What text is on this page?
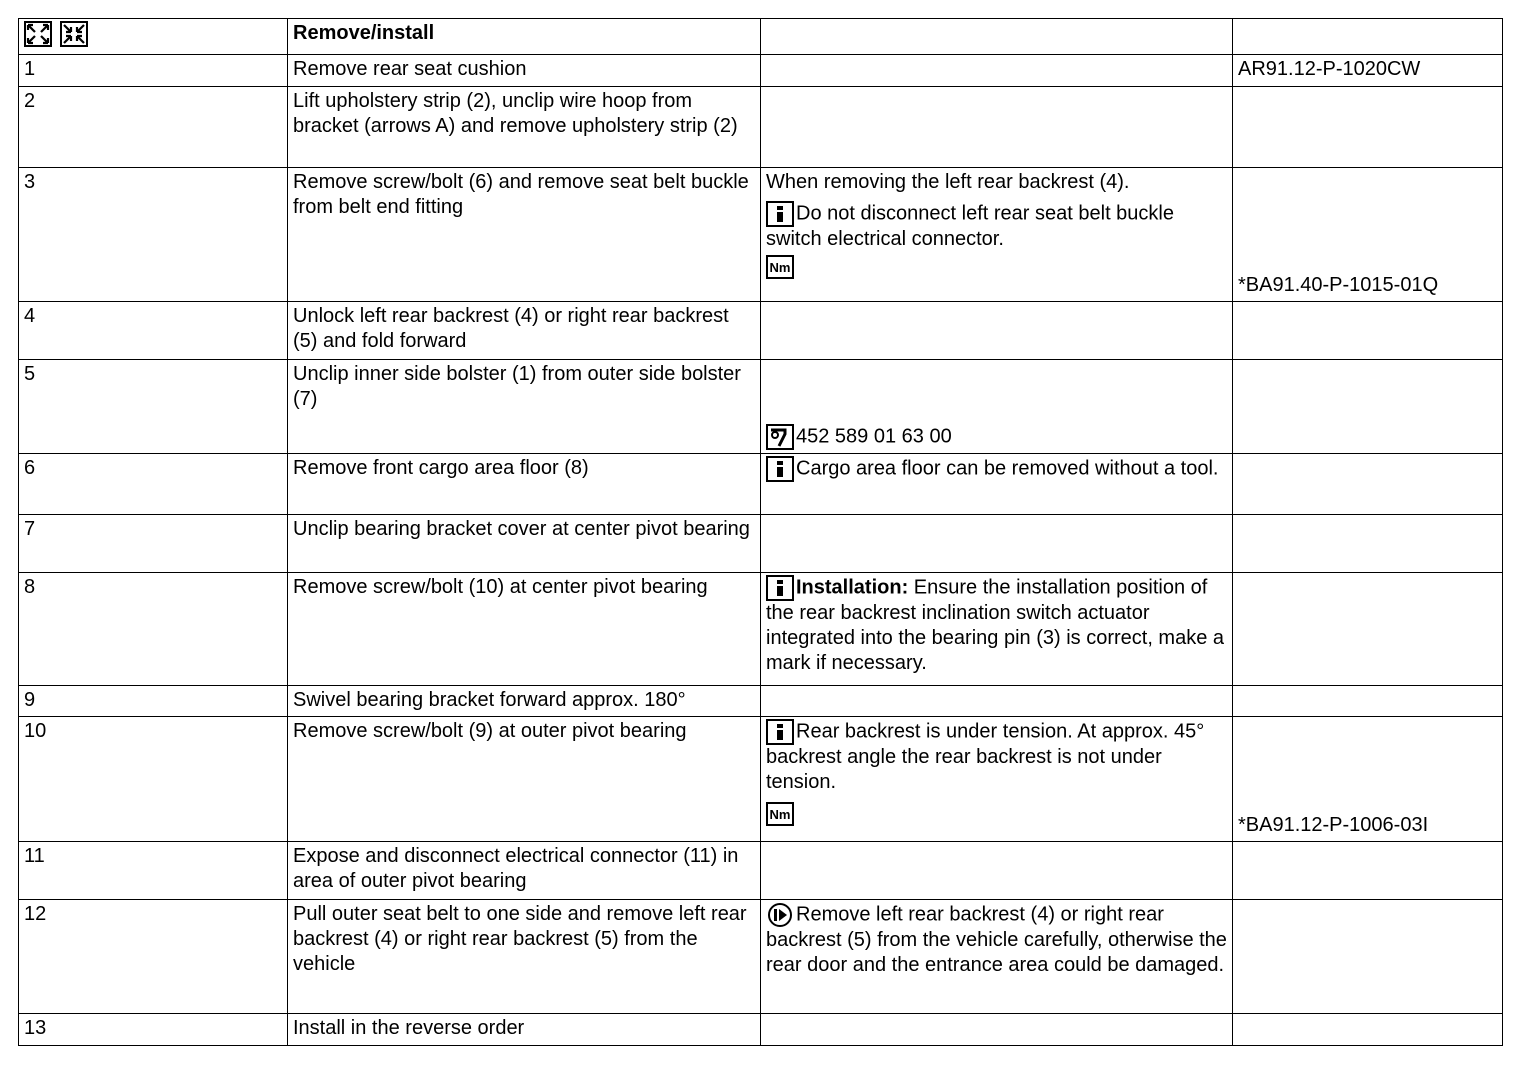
	Remove/install		
1	Remove rear seat cushion		AR91.12-P-1020CW
2	Lift upholstery strip (2), unclip wire hoop from bracket (arrows A) and remove upholstery strip (2)		
3	Remove screw/bolt (6) and remove seat belt buckle from belt end fitting	When removing the left rear backrest (4).
Do not disconnect left rear seat belt buckle switch electrical connector.
Nm	*BA91.40-P-1015-01Q
4	Unlock left rear backrest (4) or right rear backrest (5) and fold forward		
5	Unclip inner side bolster (1) from outer side bolster (7)	452 589 01 63 00	

6	Remove front cargo area floor (8)	Cargo area floor can be removed without a tool.	
7	Unclip bearing bracket cover at center pivot bearing		
8	Remove screw/bolt (10) at center pivot bearing	Installation: Ensure the installation position of the rear backrest inclination switch actuator integrated into the bearing pin (3) is correct, make a mark if necessary.	
9	Swivel bearing bracket forward approx. 180°		
10	Remove screw/bolt (9) at outer pivot bearing	Rear backrest is under tension. At approx. 45° backrest angle the rear backrest is not under tension.
Nm	*BA91.12-P-1006-03I
11	Expose and disconnect electrical connector (11) in area of outer pivot bearing		
12	Pull outer seat belt to one side and remove left rear backrest (4) or right rear backrest (5) from the vehicle	Remove left rear backrest (4) or right rear backrest (5) from the vehicle carefully, otherwise the rear door and the entrance area could be damaged.	
13	Install in the reverse order		
